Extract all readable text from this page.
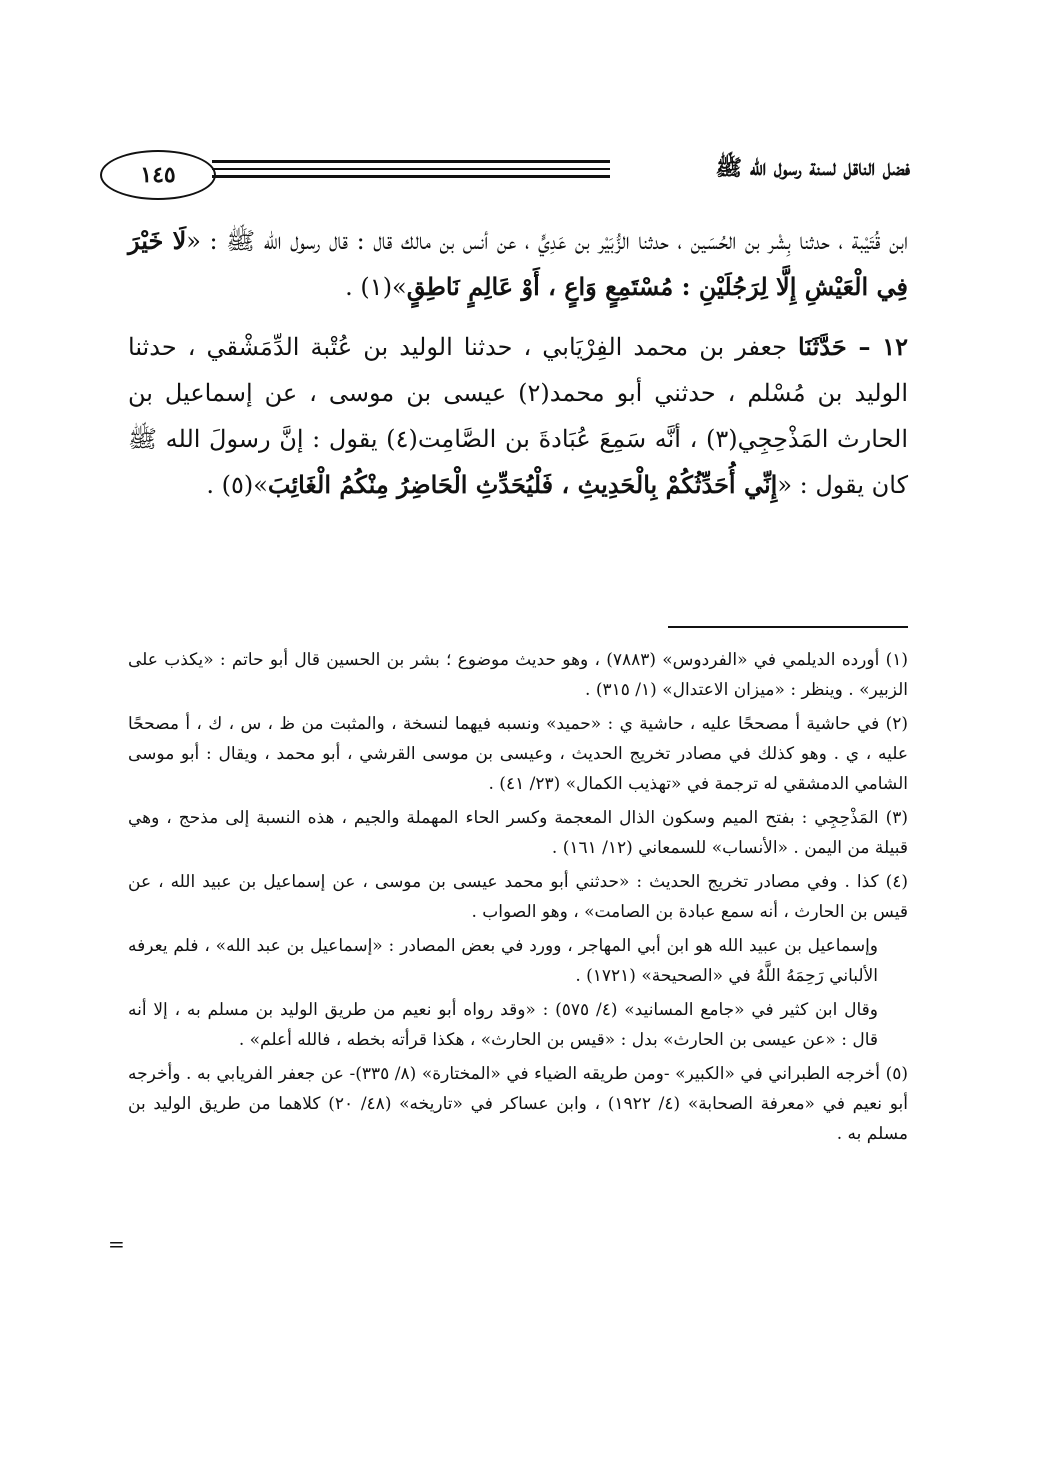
١٤٥	فضل الناقل لسنة رسول الله ﷺ

ابن قُتَيْبة ، حدثنا بِشْر بن الحُسَين ، حدثنا الزُّبَيْر بن عَدِيٍّ ، عن أنس بن مالك قال : قال رسول الله ﷺ : «لَا خَيْرَ فِي الْعَيْشِ إِلَّا لِرَجُلَيْنِ : مُسْتَمِعٍ وَاعٍ ، أَوْ عَالِمٍ نَاطِقٍ»(١) .

١٢ – حَدَّثَنَا جعفر بن محمد الفِرْيَابي ، حدثنا الوليد بن عُتْبة الدِّمَشْقي ، حدثنا الوليد بن مُسْلم ، حدثني أبو محمد(٢) عيسى بن موسى ، عن إسماعيل بن الحارث المَذْحِجِي(٣) ، أنَّه سَمِعَ عُبَادةَ بن الصَّامِت(٤) يقول : إنَّ رسولَ الله ﷺ كان يقول : «إِنِّي أُحَدِّثُكُمْ بِالْحَدِيثِ ، فَلْيُحَدِّثِ الْحَاضِرُ مِنْكُمُ الْغَائِبَ»(٥) .

(١) أورده الديلمي في «الفردوس» (٧٨٨٣) ، وهو حديث موضوع ؛ بشر بن الحسين قال أبو حاتم : «يكذب على الزبير» . وينظر : «ميزان الاعتدال» (١/ ٣١٥) .

(٢) في حاشية أ مصححًا عليه ، حاشية ي : «حميد» ونسبه فيهما لنسخة ، والمثبت من ظ ، س ، ك ، أ مصححًا عليه ، ي . وهو كذلك في مصادر تخريج الحديث ، وعيسى بن موسى القرشي ، أبو محمد ، ويقال : أبو موسى الشامي الدمشقي له ترجمة في «تهذيب الكمال» (٢٣/ ٤١) .

(٣) المَذْحِجِي : بفتح الميم وسكون الذال المعجمة وكسر الحاء المهملة والجيم ، هذه النسبة إلى مذحج ، وهي قبيلة من اليمن . «الأنساب» للسمعاني (١٢/ ١٦١) .

(٤) كذا . وفي مصادر تخريج الحديث : «حدثني أبو محمد عيسى بن موسى ، عن إسماعيل بن عبيد الله ، عن قيس بن الحارث ، أنه سمع عبادة بن الصامت» ، وهو الصواب .

وإسماعيل بن عبيد الله هو ابن أبي المهاجر ، وورد في بعض المصادر : «إسماعيل بن عبد الله» ، فلم يعرفه الألباني رَحِمَهُ اللَّهُ في «الصحيحة» (١٧٢١) .

وقال ابن كثير في «جامع المسانيد» (٤/ ٥٧٥) : «وقد رواه أبو نعيم من طريق الوليد بن مسلم به ، إلا أنه قال : «عن عيسى بن الحارث» بدل : «قيس بن الحارث» ، هكذا قرأته بخطه ، فالله أعلم» .

(٥) أخرجه الطبراني في «الكبير» -ومن طريقه الضياء في «المختارة» (٨/ ٣٣٥)- عن جعفر الفريابي به . وأخرجه أبو نعيم في «معرفة الصحابة» (٤/ ١٩٢٢) ، وابن عساكر في «تاريخه» (٤٨/ ٢٠) كلاهما من طريق الوليد بن مسلم به .

=
